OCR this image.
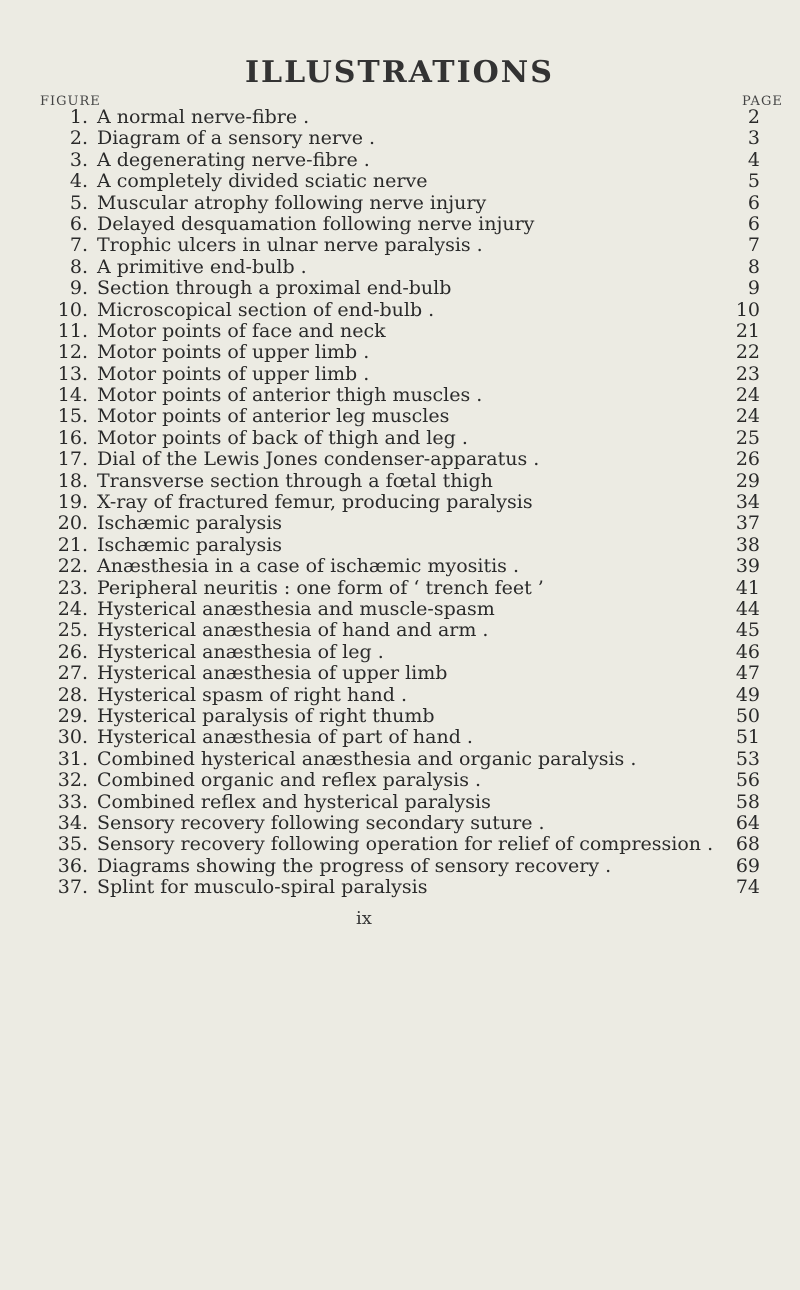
ILLUSTRATIONS
FIGURE	PAGE
1. A normal nerve-fibre .	2
2. Diagram of a sensory nerve .	3
3. A degenerating nerve-fibre .	4
4. A completely divided sciatic nerve	5
5. Muscular atrophy following nerve injury	6
6. Delayed desquamation following nerve injury	6
7. Trophic ulcers in ulnar nerve paralysis .	7
8. A primitive end-bulb .	8
9. Section through a proximal end-bulb	9
10. Microscopical section of end-bulb .	10
11. Motor points of face and neck	21
12. Motor points of upper limb .	22
13. Motor points of upper limb .	23
14. Motor points of anterior thigh muscles .	24
15. Motor points of anterior leg muscles	24
16. Motor points of back of thigh and leg .	25
17. Dial of the Lewis Jones condenser-apparatus .	26
18. Transverse section through a fœtal thigh	29
19. X-ray of fractured femur, producing paralysis	34
20. Ischæmic paralysis	37
21. Ischæmic paralysis	38
22. Anæsthesia in a case of ischæmic myositis .	39
23. Peripheral neuritis : one form of ‘ trench feet ’	41
24. Hysterical anæsthesia and muscle-spasm	44
25. Hysterical anæsthesia of hand and arm .	45
26. Hysterical anæsthesia of leg .	46
27. Hysterical anæsthesia of upper limb	47
28. Hysterical spasm of right hand .	49
29. Hysterical paralysis of right thumb	50
30. Hysterical anæsthesia of part of hand .	51
31. Combined hysterical anæsthesia and organic paralysis .	53
32. Combined organic and reflex paralysis .	56
33. Combined reflex and hysterical paralysis	58
34. Sensory recovery following secondary suture .	64
35. Sensory recovery following operation for relief of compression .	68
36. Diagrams showing the progress of sensory recovery .	69
37. Splint for musculo-spiral paralysis	74
ix
